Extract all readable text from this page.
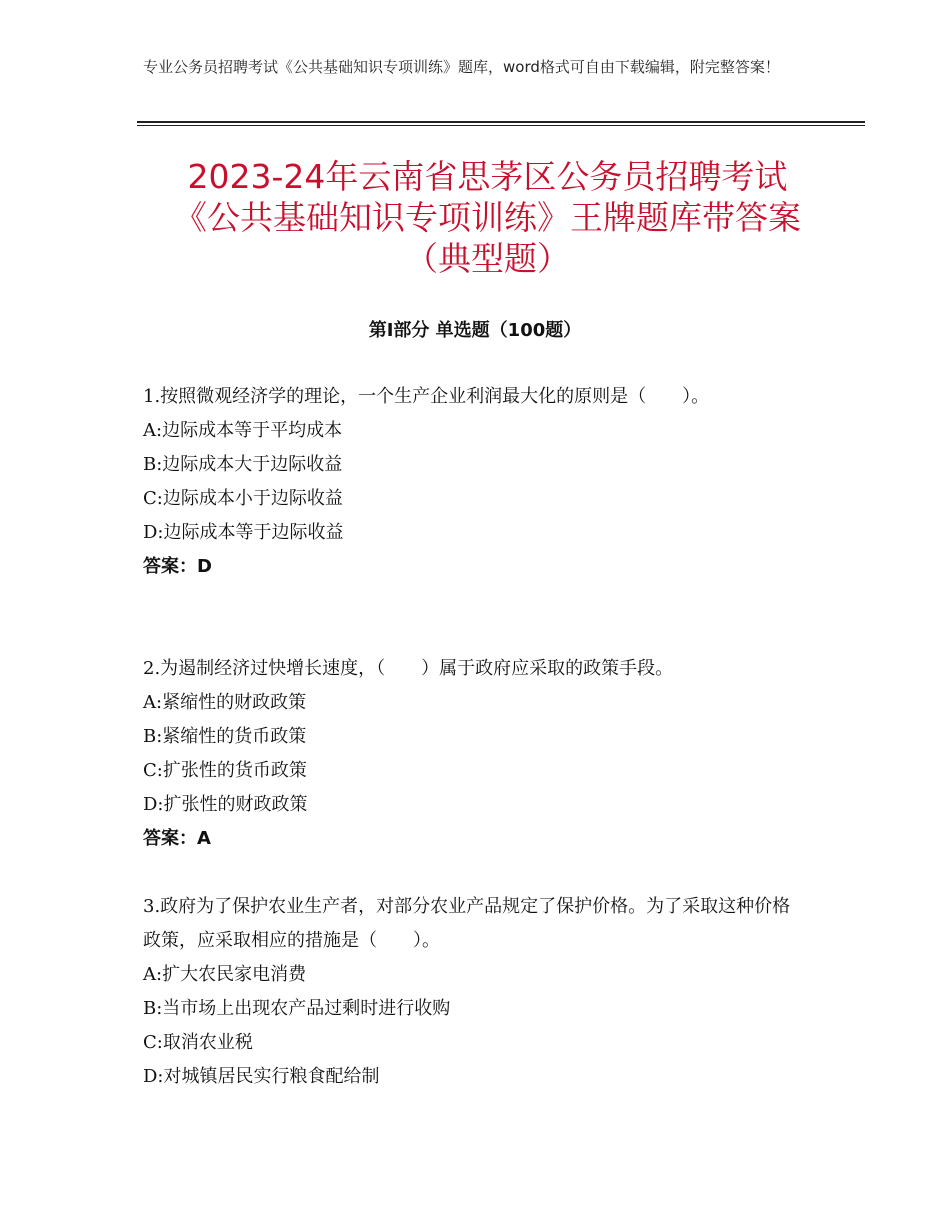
专业公务员招聘考试《公共基础知识专项训练》题库，word格式可自由下载编辑，附完整答案！
2023-24年云南省思茅区公务员招聘考试
《公共基础知识专项训练》王牌题库带答案
（典型题）
第Ⅰ部分 单选题（100题）
1.按照微观经济学的理论，一个生产企业利润最大化的原则是（　　）。
A:边际成本等于平均成本
B:边际成本大于边际收益
C:边际成本小于边际收益
D:边际成本等于边际收益
答案：D
2.为遏制经济过快增长速度，（　　）属于政府应采取的政策手段。
A:紧缩性的财政政策
B:紧缩性的货币政策
C:扩张性的货币政策
D:扩张性的财政政策
答案：A
3.政府为了保护农业生产者，对部分农业产品规定了保护价格。为了采取这种价格政策，应采取相应的措施是（　　）。
A:扩大农民家电消费
B:当市场上出现农产品过剩时进行收购
C:取消农业税
D:对城镇居民实行粮食配给制
